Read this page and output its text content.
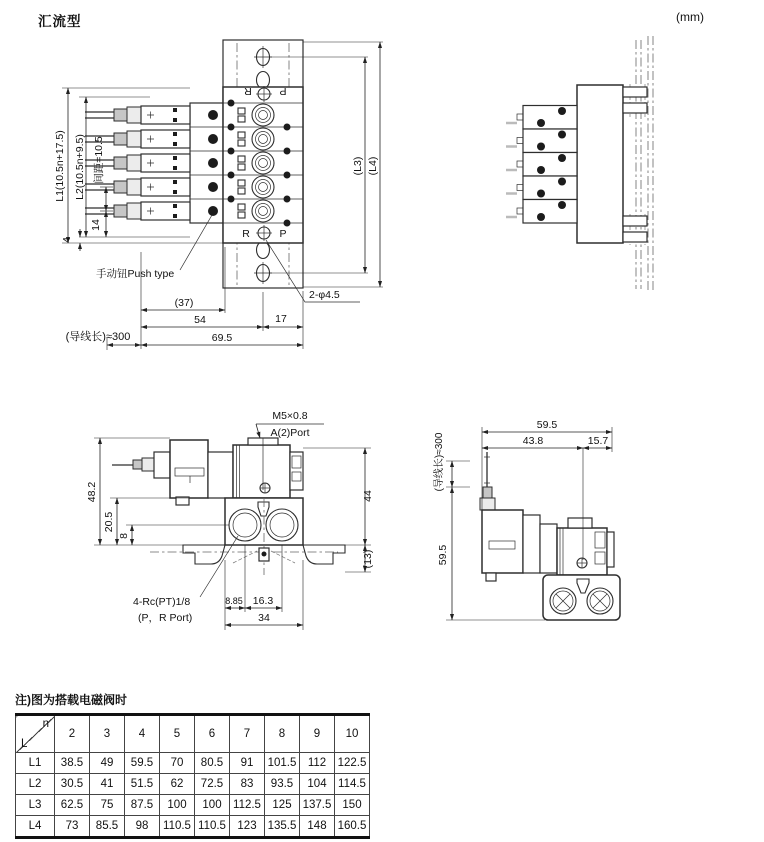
汇流型	(mm)
R	P
R	P
L1(10.5n+17.5) L2(10.5n+9.5) 间距=10.5
14
4
(L3) (L4)
(37)
54	17
69.5
(导线长)≈300
手动钮Push type
2-φ4.5
M5×0.8
A(2)Port
48.2
20.5
8
44
(13)
8.85 16.3
34
4-Rc(PT)1/8
(P，R Port)
59.5
43.8	15.7
(导线长)≈300
59.5
注)图为搭载电磁阀时
n
L	2	3	4	5	6	7	8	9	10
L1	38.5	49	59.5	70	80.5	91	101.5	112	122.5
L2	30.5	41	51.5	62	72.5	83	93.5	104	114.5
L3	62.5	75	87.5	100	100	112.5	125	137.5	150
L4	73	85.5	98	110.5	110.5	123	135.5	148	160.5
